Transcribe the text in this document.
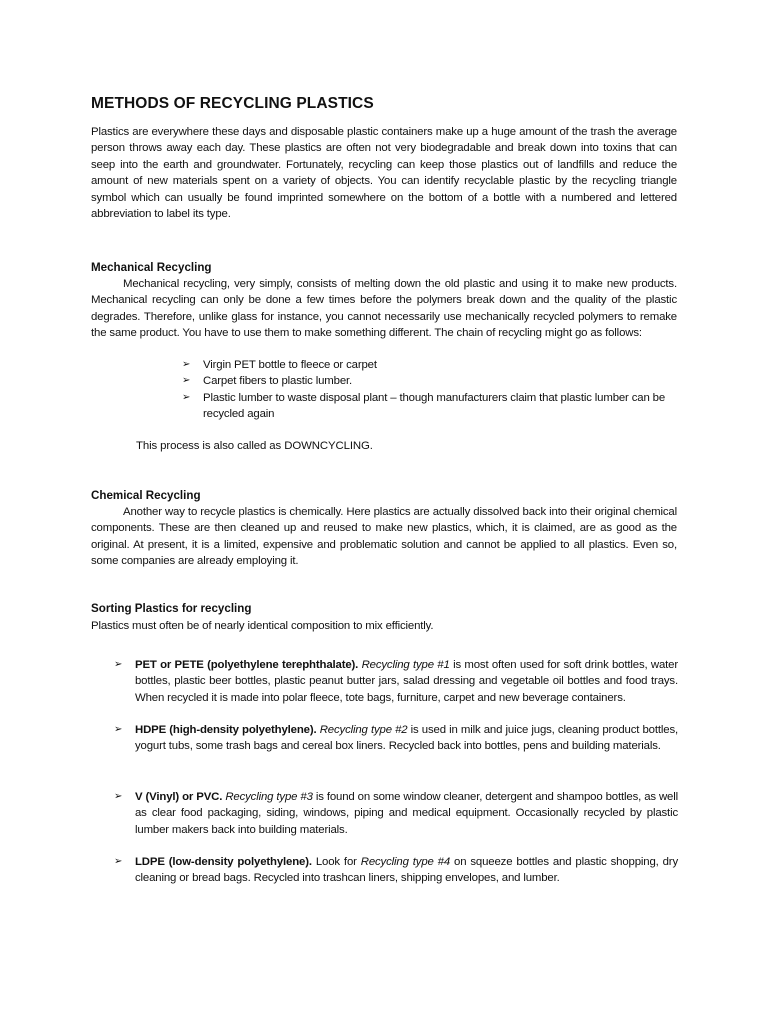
METHODS OF RECYCLING PLASTICS
Plastics are everywhere these days and disposable plastic containers make up a huge amount of the trash the average person throws away each day. These plastics are often not very biodegradable and break down into toxins that can seep into the earth and groundwater. Fortunately, recycling can keep those plastics out of landfills and reduce the amount of new materials spent on a variety of objects. You can identify recyclable plastic by the recycling triangle symbol which can usually be found imprinted somewhere on the bottom of a bottle with a numbered and lettered abbreviation to label its type.
Mechanical Recycling
Mechanical recycling, very simply, consists of melting down the old plastic and using it to make new products. Mechanical recycling can only be done a few times before the polymers break down and the quality of the plastic degrades. Therefore, unlike glass for instance, you cannot necessarily use mechanically recycled polymers to remake the same product. You have to use them to make something different. The chain of recycling might go as follows:
➢ Virgin PET bottle to fleece or carpet
➢ Carpet fibers to plastic lumber.
➢ Plastic lumber to waste disposal plant – though manufacturers claim that plastic lumber can be recycled again
This process is also called as DOWNCYCLING.
Chemical Recycling
Another way to recycle plastics is chemically. Here plastics are actually dissolved back into their original chemical components. These are then cleaned up and reused to make new plastics, which, it is claimed, are as good as the original. At present, it is a limited, expensive and problematic solution and cannot be applied to all plastics. Even so, some companies are already employing it.
Sorting Plastics for recycling
Plastics must often be of nearly identical composition to mix efficiently.
➢	PET or PETE (polyethylene terephthalate). Recycling type #1 is most often used for soft drink bottles, water bottles, plastic beer bottles, plastic peanut butter jars, salad dressing and vegetable oil bottles and food trays. When recycled it is made into polar fleece, tote bags, furniture, carpet and new beverage containers.
➢	HDPE (high-density polyethylene). Recycling type #2 is used in milk and juice jugs, cleaning product bottles, yogurt tubs, some trash bags and cereal box liners. Recycled back into bottles, pens and building materials.
➢	V (Vinyl) or PVC. Recycling type #3 is found on some window cleaner, detergent and shampoo bottles, as well as clear food packaging, siding, windows, piping and medical equipment. Occasionally recycled by plastic lumber makers back into building materials.
➢	LDPE (low-density polyethylene). Look for Recycling type #4 on squeeze bottles and plastic shopping, dry cleaning or bread bags. Recycled into trashcan liners, shipping envelopes, and lumber.
